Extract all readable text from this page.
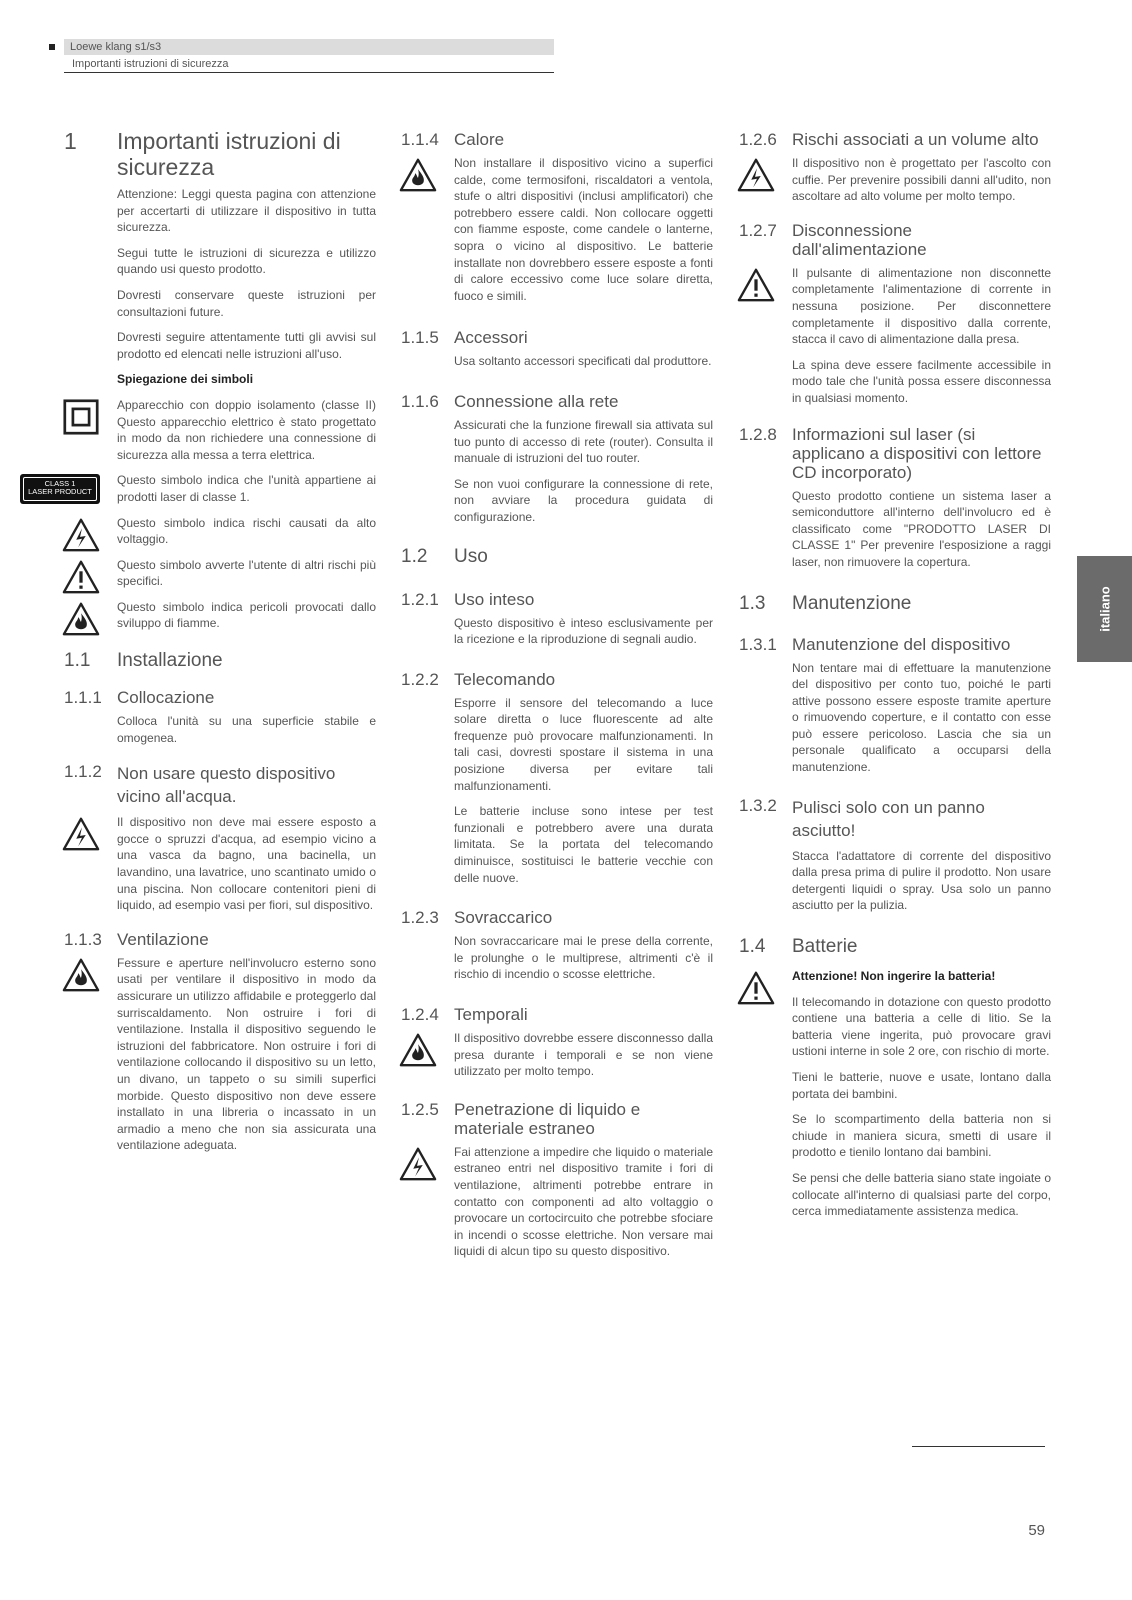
Loewe klang s1/s3
Importanti istruzioni di sicurezza
1	Importanti istruzioni di sicurezza
Attenzione: Leggi questa pagina con attenzione per accertarti di utilizzare il dispositivo in tutta sicurezza.
Segui tutte le istruzioni di sicurezza e utilizzo quando usi questo prodotto.
Dovresti conservare queste istruzioni per consultazioni future.
Dovresti seguire attentamente tutti gli avvisi sul prodotto ed elencati nelle istruzioni all'uso.
Spiegazione dei simboli
Apparecchio con doppio isolamento (classe II) Questo apparecchio elettrico è stato progettato in modo da non richiedere una connessione di sicurezza alla messa a terra elettrica.
CLASS 1
LASER PRODUCT
Questo simbolo indica che l'unità appartiene ai prodotti laser di classe 1.
Questo simbolo indica rischi causati da alto voltaggio.
Questo simbolo avverte l'utente di altri rischi più specifici.
Questo simbolo indica pericoli provocati dallo sviluppo di fiamme.
1.1	Installazione
1.1.1 Collocazione
Colloca l'unità su una superficie stabile e omogenea.
1.1.2 Non usare questo dispositivo vicino all'acqua.
Il dispositivo non deve mai essere esposto a gocce o spruzzi d'acqua, ad esempio vicino a una vasca da bagno, una bacinella, un lavandino, una lavatrice, uno scantinato umido o una piscina. Non collocare contenitori pieni di liquido, ad esempio vasi per fiori, sul dispositivo.
1.1.3 Ventilazione
Fessure e aperture nell'involucro esterno sono usati per ventilare il dispositivo in modo da assicurare un utilizzo affidabile e proteggerlo dal surriscaldamento. Non ostruire i fori di ventilazione. Installa il dispositivo seguendo le istruzioni del fabbricatore. Non ostruire i fori di ventilazione collocando il dispositivo su un letto, un divano, un tappeto o su simili superfici morbide. Questo dispositivo non deve essere installato in una libreria o incassato in un armadio a meno che non sia assicurata una ventilazione adeguata.
1.1.4 Calore
Non installare il dispositivo vicino a superfici calde, come termosifoni, riscaldatori a ventola, stufe o altri dispositivi (inclusi amplificatori) che potrebbero essere caldi. Non collocare oggetti con fiamme esposte, come candele o lanterne, sopra o vicino al dispositivo. Le batterie installate non dovrebbero essere esposte a fonti di calore eccessivo come luce solare diretta, fuoco e simili.
1.1.5 Accessori
Usa soltanto accessori specificati dal produttore.
1.1.6 Connessione alla rete
Assicurati che la funzione firewall sia attivata sul tuo punto di accesso di rete (router). Consulta il manuale di istruzioni del tuo router.
Se non vuoi configurare la connessione di rete, non avviare la procedura guidata di configurazione.
1.2	Uso
1.2.1 Uso inteso
Questo dispositivo è inteso esclusivamente per la ricezione e la riproduzione di segnali audio.
1.2.2 Telecomando
Esporre il sensore del telecomando a luce solare diretta o luce fluorescente ad alte frequenze può provocare malfunzionamenti. In tali casi, dovresti spostare il sistema in una posizione diversa per evitare tali malfunzionamenti.
Le batterie incluse sono intese per test funzionali e potrebbero avere una durata limitata. Se la portata del telecomando diminuisce, sostituisci le batterie vecchie con delle nuove.
1.2.3 Sovraccarico
Non sovraccaricare mai le prese della corrente, le prolunghe o le multiprese, altrimenti c'è il rischio di incendio o scosse elettriche.
1.2.4 Temporali
Il dispositivo dovrebbe essere disconnesso dalla presa durante i temporali e se non viene utilizzato per molto tempo.
1.2.5 Penetrazione di liquido e materiale estraneo
Fai attenzione a impedire che liquido o materiale estraneo entri nel dispositivo tramite i fori di ventilazione, altrimenti potrebbe entrare in contatto con componenti ad alto voltaggio o provocare un cortocircuito che potrebbe sfociare in incendi o scosse elettriche. Non versare mai liquidi di alcun tipo su questo dispositivo.
1.2.6 Rischi associati a un volume alto
Il dispositivo non è progettato per l'ascolto con cuffie. Per prevenire possibili danni all'udito, non ascoltare ad alto volume per molto tempo.
1.2.7 Disconnessione dall'alimentazione
Il pulsante di alimentazione non disconnette completamente l'alimentazione di corrente in nessuna posizione. Per disconnettere completamente il dispositivo dalla corrente, stacca il cavo di alimentazione dalla presa.
La spina deve essere facilmente accessibile in modo tale che l'unità possa essere disconnessa in qualsiasi momento.
1.2.8 Informazioni sul laser (si applicano a dispositivi con lettore CD incorporato)
Questo prodotto contiene un sistema laser a semiconduttore all'interno dell'involucro ed è classificato come "PRODOTTO LASER DI CLASSE 1" Per prevenire l'esposizione a raggi laser, non rimuovere la copertura.
1.3	Manutenzione
1.3.1 Manutenzione del dispositivo
Non tentare mai di effettuare la manutenzione del dispositivo per conto tuo, poiché le parti attive possono essere esposte tramite aperture o rimuovendo coperture, e il contatto con esse può essere pericoloso. Lascia che sia un personale qualificato a occuparsi della manutenzione.
1.3.2 Pulisci solo con un panno asciutto!
Stacca l'adattatore di corrente del dispositivo dalla presa prima di pulire il prodotto. Non usare detergenti liquidi o spray. Usa solo un panno asciutto per la pulizia.
1.4	Batterie
Attenzione! Non ingerire la batteria!
Il telecomando in dotazione con questo prodotto contiene una batteria a celle di litio. Se la batteria viene ingerita, può provocare gravi ustioni interne in sole 2 ore, con rischio di morte.
Tieni le batterie, nuove e usate, lontano dalla portata dei bambini.
Se lo scompartimento della batteria non si chiude in maniera sicura, smetti di usare il prodotto e tienilo lontano dai bambini.
Se pensi che delle batteria siano state ingoiate o collocate all'interno di qualsiasi parte del corpo, cerca immediatamente assistenza medica.
italiano
59
